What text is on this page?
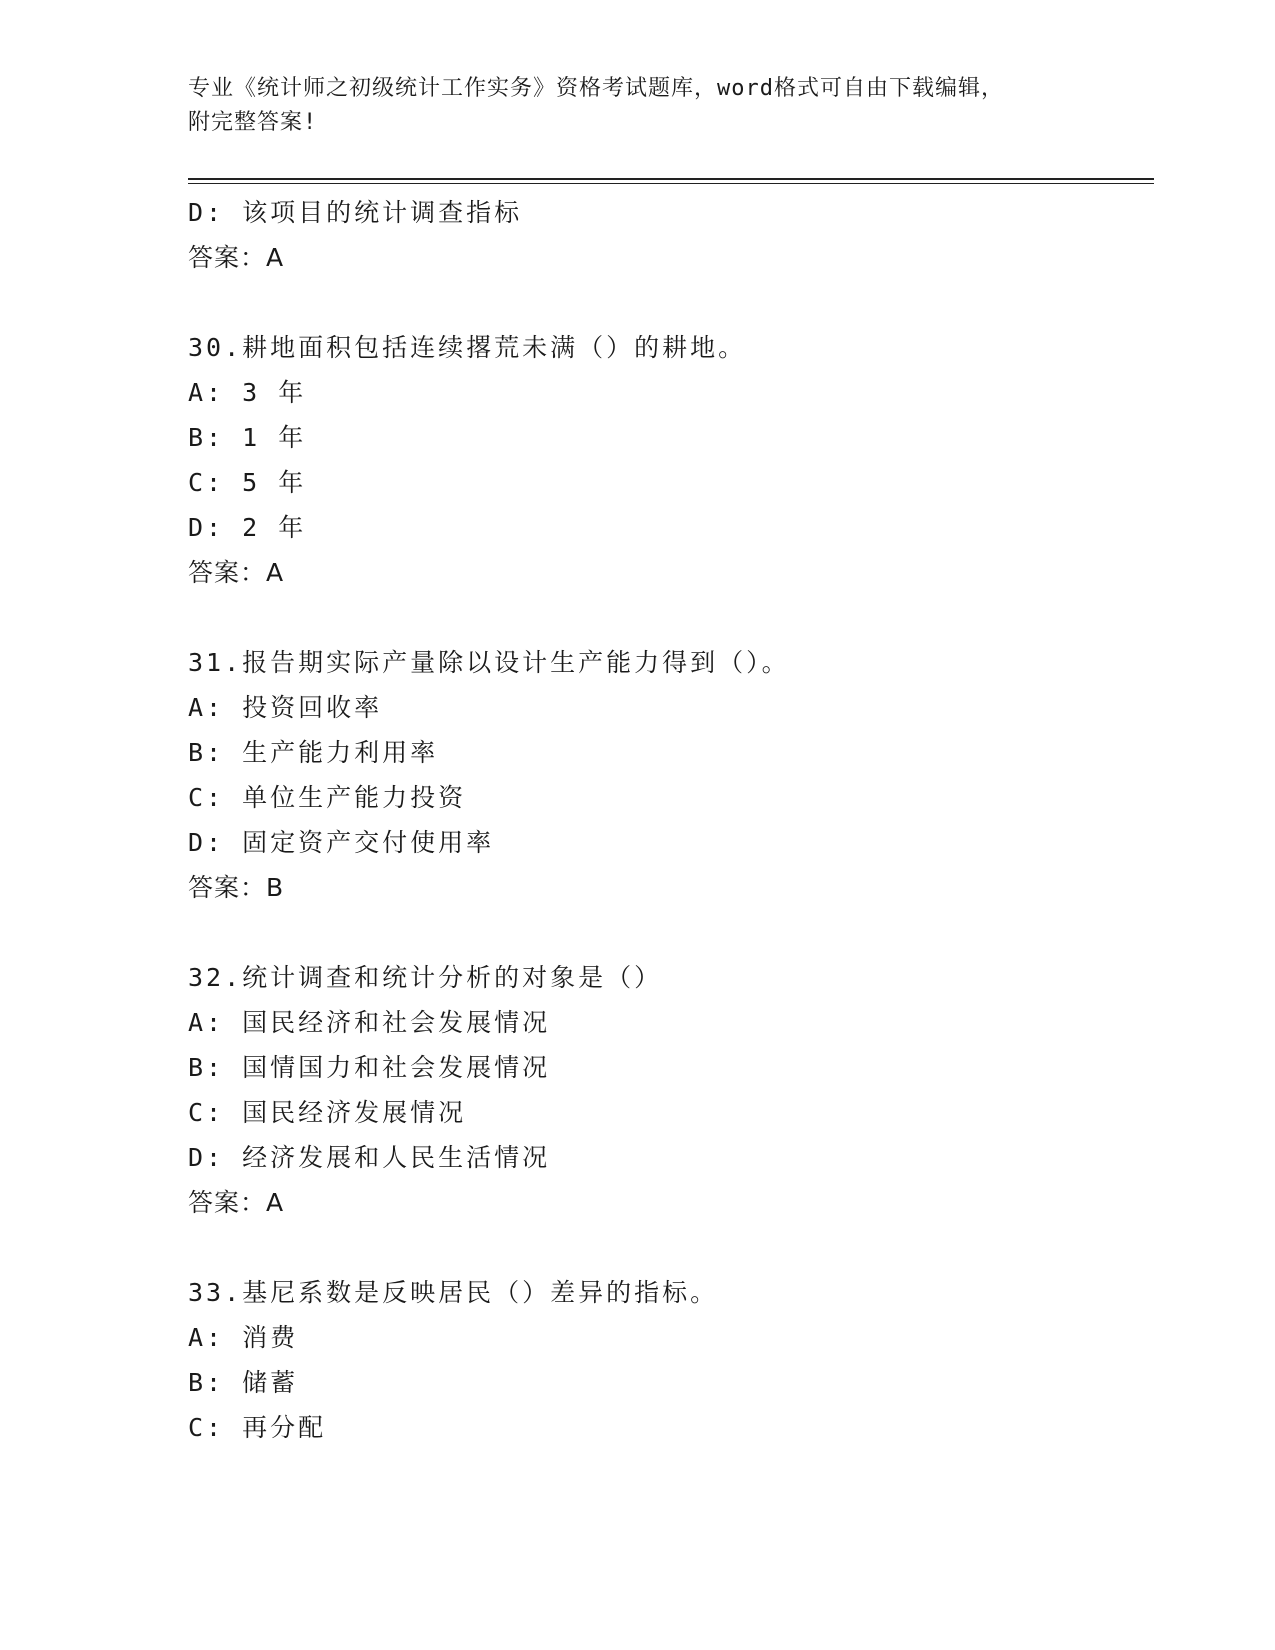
专业《统计师之初级统计工作实务》资格考试题库，word格式可自由下载编辑，
附完整答案!
D: 该项目的统计调查指标
答案：A
30.耕地面积包括连续撂荒未满（）的耕地。
A: 3 年
B: 1 年
C: 5 年
D: 2 年
答案：A
31.报告期实际产量除以设计生产能力得到（）。
A: 投资回收率
B: 生产能力利用率
C: 单位生产能力投资
D: 固定资产交付使用率
答案：B
32.统计调查和统计分析的对象是（）
A: 国民经济和社会发展情况
B: 国情国力和社会发展情况
C: 国民经济发展情况
D: 经济发展和人民生活情况
答案：A
33.基尼系数是反映居民（）差异的指标。
A: 消费
B: 储蓄
C: 再分配
